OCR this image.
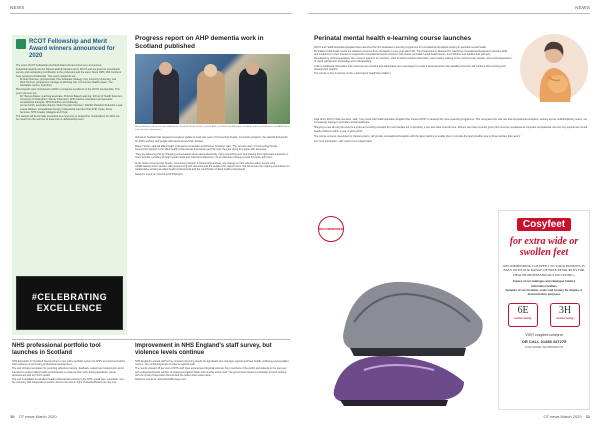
NEWS	NEWS
RCOT Fellowship and Merit Award winners announced for 2020

The year's RCOT Fellowship and Merit Award winners have been announced.

Fellowship Awards are the highest awards handed out by RCOT and are given for exceptional service and outstanding contribution to the profession and the carer. Since 1983, 163 members have received a Fellowship. This year's recipients are:

Dr Ruth Harrison, principal lead, Post Graduate Strategy Unit, Coventry University; and

Ruth Tammer, programme manager at Working Out, Community Health project, The Candidate Centre, Aylesbury.

Merit Awards were introduced in 2000 to recognise excellence in the RCOT membership. This year's winners are:

Dr Theresa Baxter, teaching associate, Problem Based Learning, School of Health Sciences, University of Nottingham; Wendy Chambers, AHP practice education lead specialist occupational therapist, NHS Dumfries and Galloway;

Jennie Smith, associate director, Older Peoples Services / NAV&C Resident Reduction Lead;

Louise Watson, occupational therapy professional lead and chief AHP, Clyde, Acute Services, NHS Greater Glasgow and Clyde.

The awards will be formally presented at a ceremony in September. Nominations for 2021 can be made from the summer at www.rcot.co.uk/fellowship-merit

#CELEBRATING EXCELLENCE
Progress report on AHP dementia work in Scotland published

Henry Simmons, chief executive of Alzheimer Scotland; Elaine Hunter, national AHP consultant from Alzheimer Scotland; and Gerry McDonald, chief AHP officer in the Scottish Government

Alzheimer Scotland has released a progress update to mark two years of Connecting People, Connecting Support, the national framework for AHPs working with people with dementia and their families.

Elaine Hunter, national allied health professions consultant at Alzheimer Scotland, said: 'The success story of Connecting People, Connecting Support is the allied health professionals themselves and the work they are doing for people with dementia.

'They are achieving this by changing conversations about dementia locally, trying something new, and sharing their rights-based practice in many formats, including through social media and national conferences. It's an absolute privilege to lead this work with them.'

At the heart of Connecting People, Connecting Support is partnership working. Any change is more effective when people work collaboratively and in tandem with people living with dementia and the people who support them. We will ensure the ongoing commitment to collaborative working as allied health professionals and the contribution of allied health professional.

Read the report at: www.bit.ly/CPCSproject

NHS professional portfolio tool launches in Scotland

NHS Education for Scotland has launched a new online portfolio system for AHPs to record and reflect their evidence of continuing professional development.

The tool includes templates for recording reflective practice, feedback, support and supervision and is intended to support allied health professionals to evidence their work during appraisals, career development and for HCPC audits.

The tool is available for all allied health professionals working in the NHS, social care, education, and the voluntary and independent sectors. Access the tool at: https://turasdashboard.nes.nhs.scot

Improvement in NHS England's staff survey, but violence levels continue

NHS England's annual staff survey showed improving results for appraisals, line manager support and their health, wellbeing and equalities metrics - but continuing levels of violence against staff.

The results showed 15 per cent of NHS staff have experienced physical violence from members of the public and patients in the last year, with a disproportionate number of incidences against black and minority ethnic staff. The government issued a campaign for joint working with the Crown Prosecution Service and the police when cases arise.

Read the results at: www.nhsstaffsurveys.com

Perinatal mental health e-learning course launches

RCOT and Health Education England have launched the first dedicated e-learning programme for occupational therapists working in perinatal mental health.

Perinatal mental health needs are advised at women from conception to one year after birth. The programme is designed for practicing occupational therapists to develop skills and confidence in their practice to support the occupational needs of women with severe perinatal mental health issues, their children and families and partners.

Developed by clinical specialists, the course is split into six sessions, each of which includes information, case studies relating to the content of the session, and a self-assessment to check participants' knowledge and understanding.

Links to additional information and resources are provided and participants are encouraged to create a personal action plan detailing how they will continue their learning and develop their practice.

The course is free to access on the e-learning for healthcare platform.

Julia Scott, RCOT chief executive, said: 'I am proud that Health Education England has chosen RCOT to develop this new e-learning programme. This recognises the vital role that occupational therapists, working across multidisciplinary teams, are increasingly playing in perinatal mental healthcare.

'Bringing a new life into the world is a joyful and exciting occasion for most families but, importantly, it can also have stressful one. Women who have recently given birth must be considered as important occupational, and not only experience mental health problems within a year of giving birth.

The course ensures, developed by clinical experts, will provide occupational therapists with the latest training to enable them to provide the best possible care to those families that need it.'

For more information, visit: www.rcot.co.uk/perinatal

RECOMMENDED	Cosyfeet
for extra wide or swollen feet
RECOMMENDING COSYFEET TO YOUR PATIENTS IS EASY WITH OUR RANGE OF FREE RESOURCES FOR HEALTH PROFESSIONALS INCLUDING:
Copies of our catalogue and catalogue holders
Information leaflets
Samples of our footwear, socks and hosiery for display or demonstration purposes
6E
extra roomy
3H
extra roomy
VISIT cosyfeet.com/prof
OR CALL 01458 447275
FOR MORE INFORMATION
10 OT news March 2020	OT news March 2020 11
